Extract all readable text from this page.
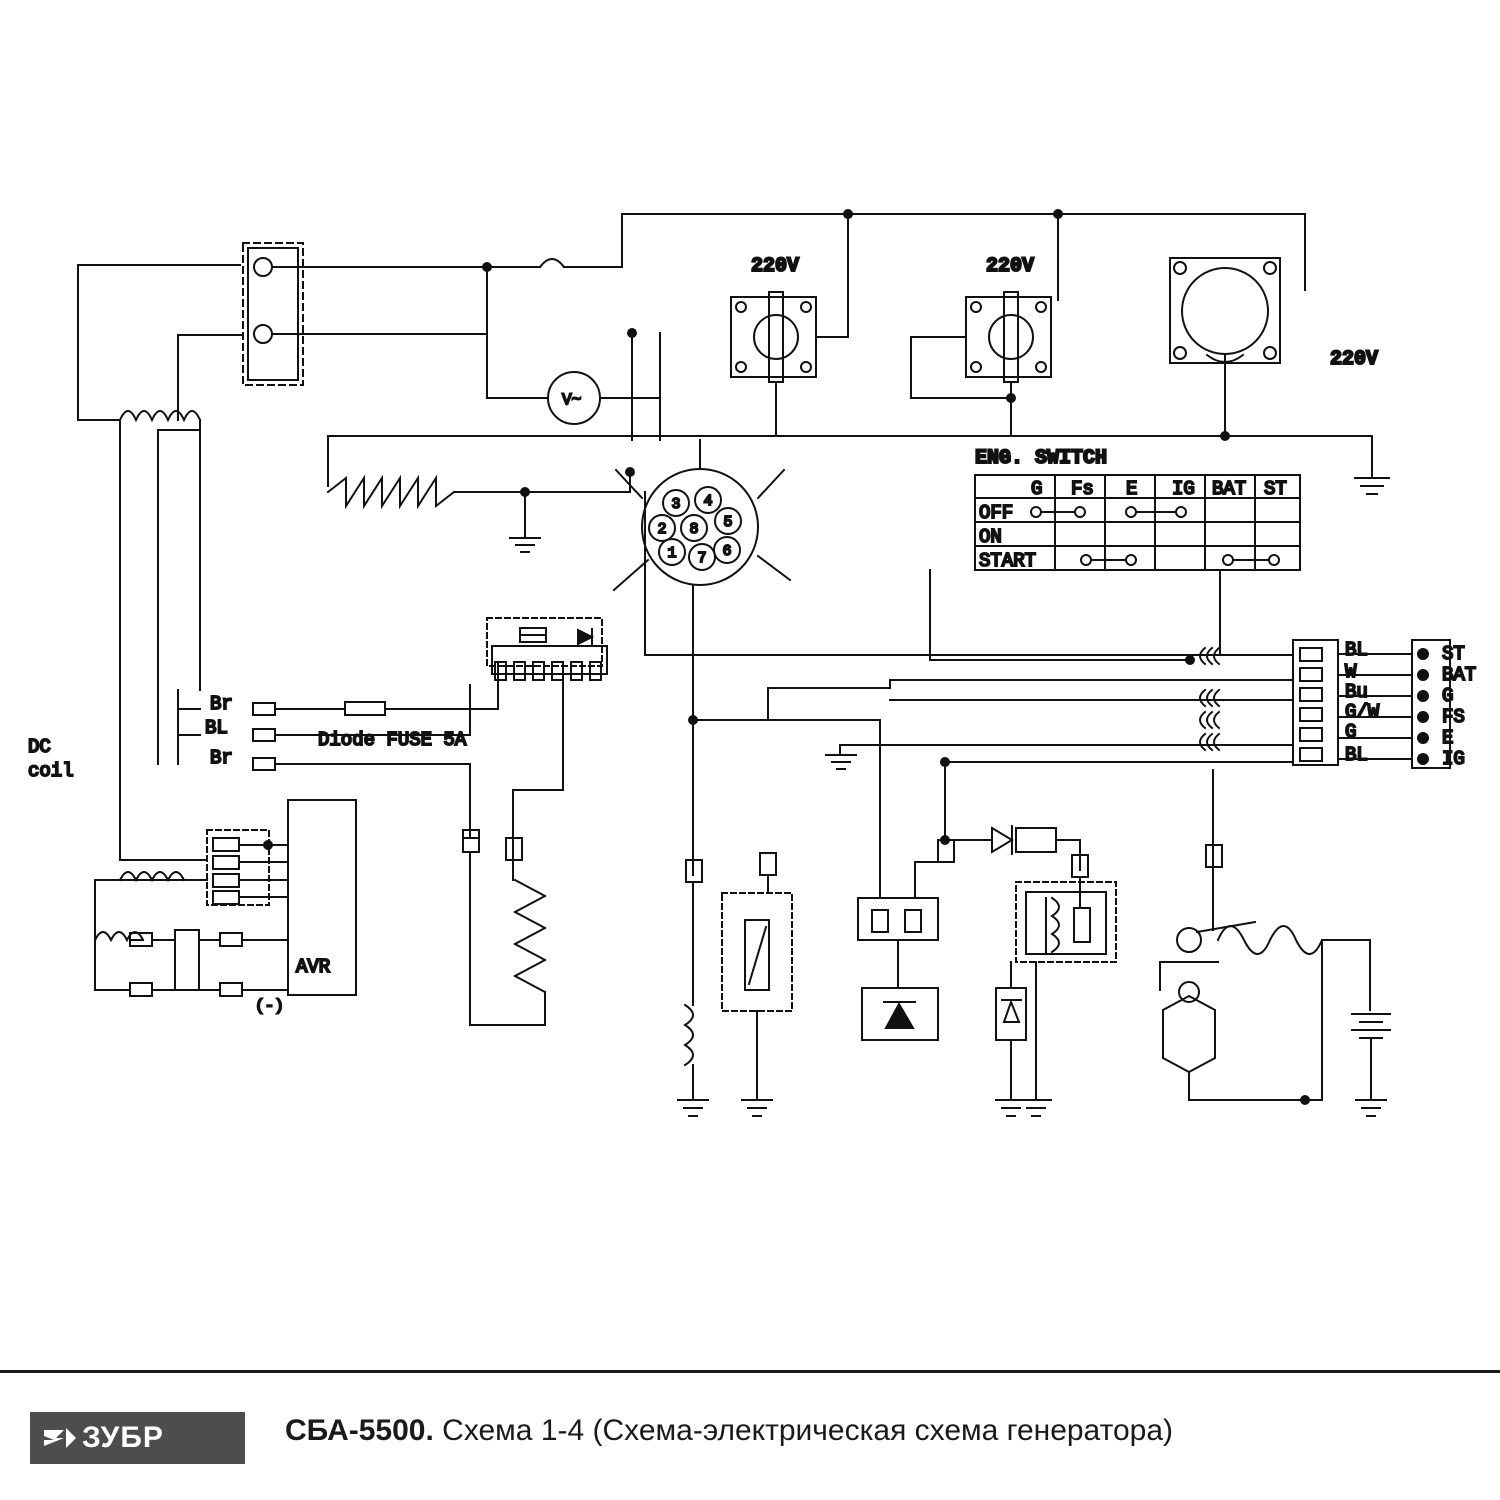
V~
220V	220V
220V
3 4
2 8 5
1 7 6
ENG. SWITCH
G Fs E IG BAT ST
OFF
ON
START
Br
BL
Br
Diode FUSE 5A
DC
coil
BL
W
Bu
G/W
G
BL
ST
BAT
G
FS
E
IG
AVR
(-)
ЗУБР	СБА-5500. Схема 1-4 (Схема-электрическая схема генератора)
